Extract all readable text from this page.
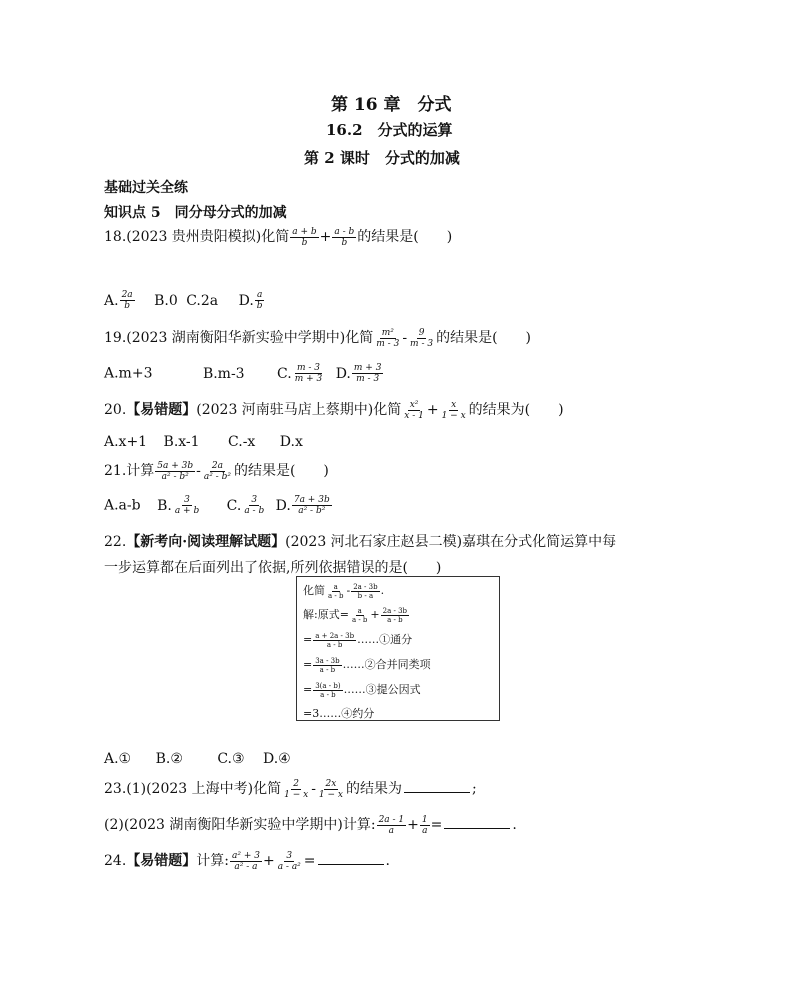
第 16 章　分式
16.2　分式的运算
第 2 课时　分式的加减
基础过关全练
知识点 5　同分母分式的加减
18.(2023 贵州贵阳模拟)化简 $\frac{a + b}{b} + \frac{a - b}{b}$ 的结果是(　　)
A. $\frac{2a}{b} B.0$ C.2a D. $\frac{a}{b}$
19.(2023 湖南衡阳华新实验中学期中)化简 $\frac{\text{m²}}{m - 3} - \frac{9}{m - 3}$ 的结果是(　　)
A.m+3	B.m-3 C. $\frac{m - 3}{m + 3} D$. $\frac{m + 3}{m - 3}$
20.【易错题】(2023 河南驻马店上蔡期中)化简 $\frac{\text{x²}}{x - 1} + \frac{x}{1 - x}$ 的结果为(　　)
A.x+1 B.x-1 C.-x D.x
21.计算 $\frac{5a + 3b}{\text{a² - b²}} - \frac{2a}{\text{a² - b²}}$ 的结果是(　　)
A.a-b B. $\frac{3}{a + b} C$. $\frac{3}{a - b} D$. $\frac{7a + 3b}{\text{a² - b²}}$
22.【新考向·阅读理解试题】(2023 河北石家庄赵县二模)嘉琪在分式化简运算中每
一步运算都在后面列出了依据,所列依据错误的是(　　)
化简 $\frac{a}{a - b} - \frac{2a - 3b}{b - a}$ .
解:原式= $\frac{a}{a - b} + \frac{2a - 3b}{a - b}$
= $\frac{a + 2a - 3b}{a - b}$ ……①通分
= $\frac{3a - 3b}{a - b}$ ……②合并同类项
= $\frac{3(a - b)}{a - b}$ ……③提公因式
=3……④约分
A.① B.② C.③ D.④
23.(1)(2023 上海中考)化简 $\frac{2}{1 - x} - \frac{2x}{1 - x}$ 的结果为	;
(2)(2023 湖南衡阳华新实验中学期中)计算: $\frac{2a - 1}{a} + \frac{1}{a}$ =	.
24.【易错题】计算: $\frac{\text{a² + 3}}{\text{a² - a}} + \frac{3}{\text{a - a²}}$ =	.
